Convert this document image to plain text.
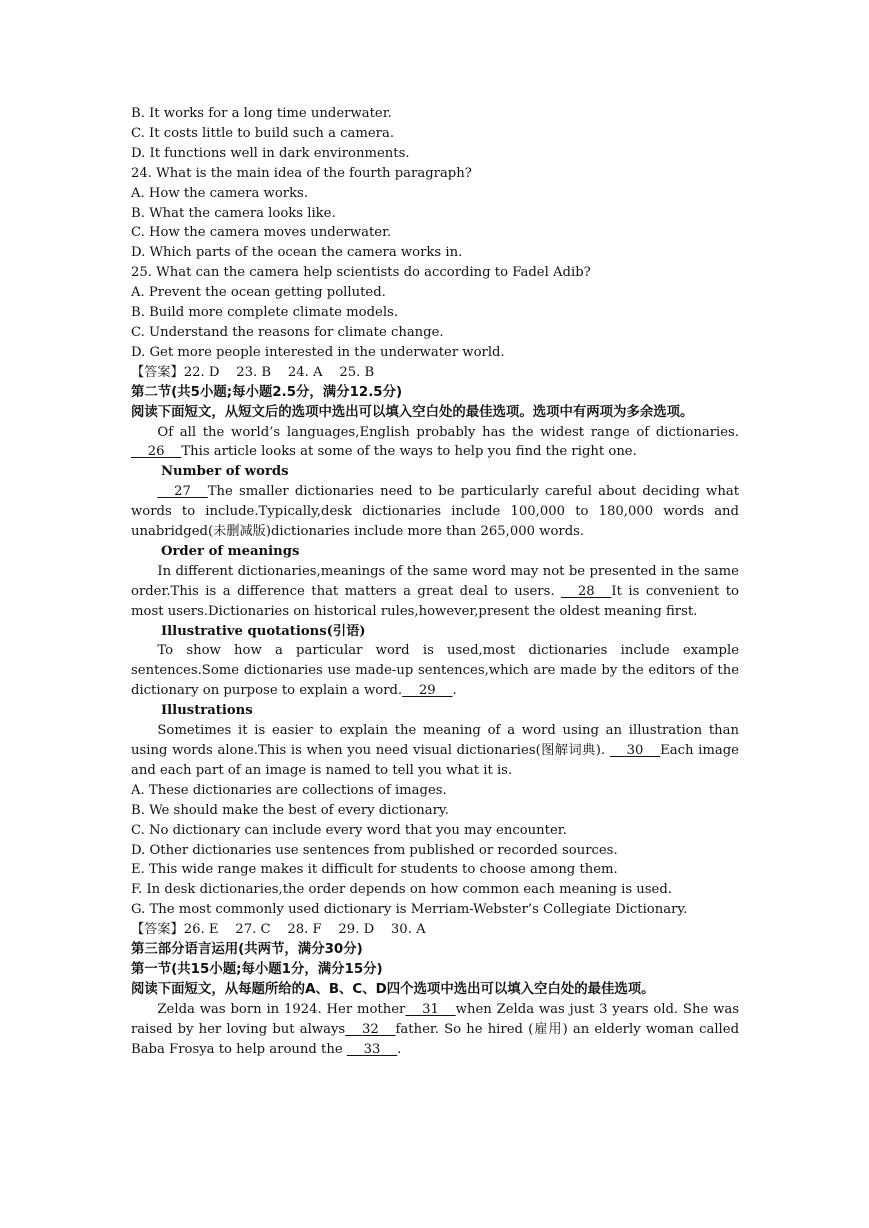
B. It works for a long time underwater.

C. It costs little to build such a camera.

D. It functions well in dark environments.

24. What is the main idea of the fourth paragraph?

A. How the camera works.

B. What the camera looks like.

C. How the camera moves underwater.

D. Which parts of the ocean the camera works in.

25. What can the camera help scientists do according to Fadel Adib?

A. Prevent the ocean getting polluted.

B. Build more complete climate models.

C. Understand the reasons for climate change.

D. Get more people interested in the underwater world.

【答案】22. D    23. B    24. A    25. B

第二节(共5小题;每小题2.5分，满分12.5分)

阅读下面短文，从短文后的选项中选出可以填入空白处的最佳选项。选项中有两项为多余选项。

Of all the world’s languages,English probably has the widest range of dictionaries.     26 This article looks at some of the ways to help you find the right one.

Number of words

27 The smaller dictionaries need to be particularly careful about deciding what words to include.Typically,desk dictionaries include 100,000 to 180,000 words and unabridged(未删减版)dictionaries include more than 265,000 words.

Order of meanings

In different dictionaries,meanings of the same word may not be presented in the same order.This is a difference that matters a great deal to users. 28 It is convenient to most users.Dictionaries on historical rules,however,present the oldest meaning first.

Illustrative quotations(引语)

To show how a particular word is used,most dictionaries include example sentences.Some dictionaries use made-up sentences,which are made by the editors of the dictionary on purpose to explain a word. 29 .

Illustrations

Sometimes it is easier to explain the meaning of a word using an illustration than using words alone.This is when you need visual dictionaries(图解词典). 30 Each image and each part of an image is named to tell you what it is.

A. These dictionaries are collections of images.

B. We should make the best of every dictionary.

C. No dictionary can include every word that you may encounter.

D. Other dictionaries use sentences from published or recorded sources.

E. This wide range makes it difficult for students to choose among them.

F. In desk dictionaries,the order depends on how common each meaning is used.

G. The most commonly used dictionary is Merriam-Webster’s Collegiate Dictionary.

【答案】26. E    27. C    28. F    29. D    30. A

第三部分语言运用(共两节，满分30分)

第一节(共15小题;每小题1分，满分15分)

阅读下面短文，从每题所给的A、B、C、D四个选项中选出可以填入空白处的最佳选项。

Zelda was born in 1924. Her mother 31 when Zelda was just 3 years old. She was raised by her loving but always 32 father. So he hired (雇用) an elderly woman called Baba Frosya to help around the 33 .
